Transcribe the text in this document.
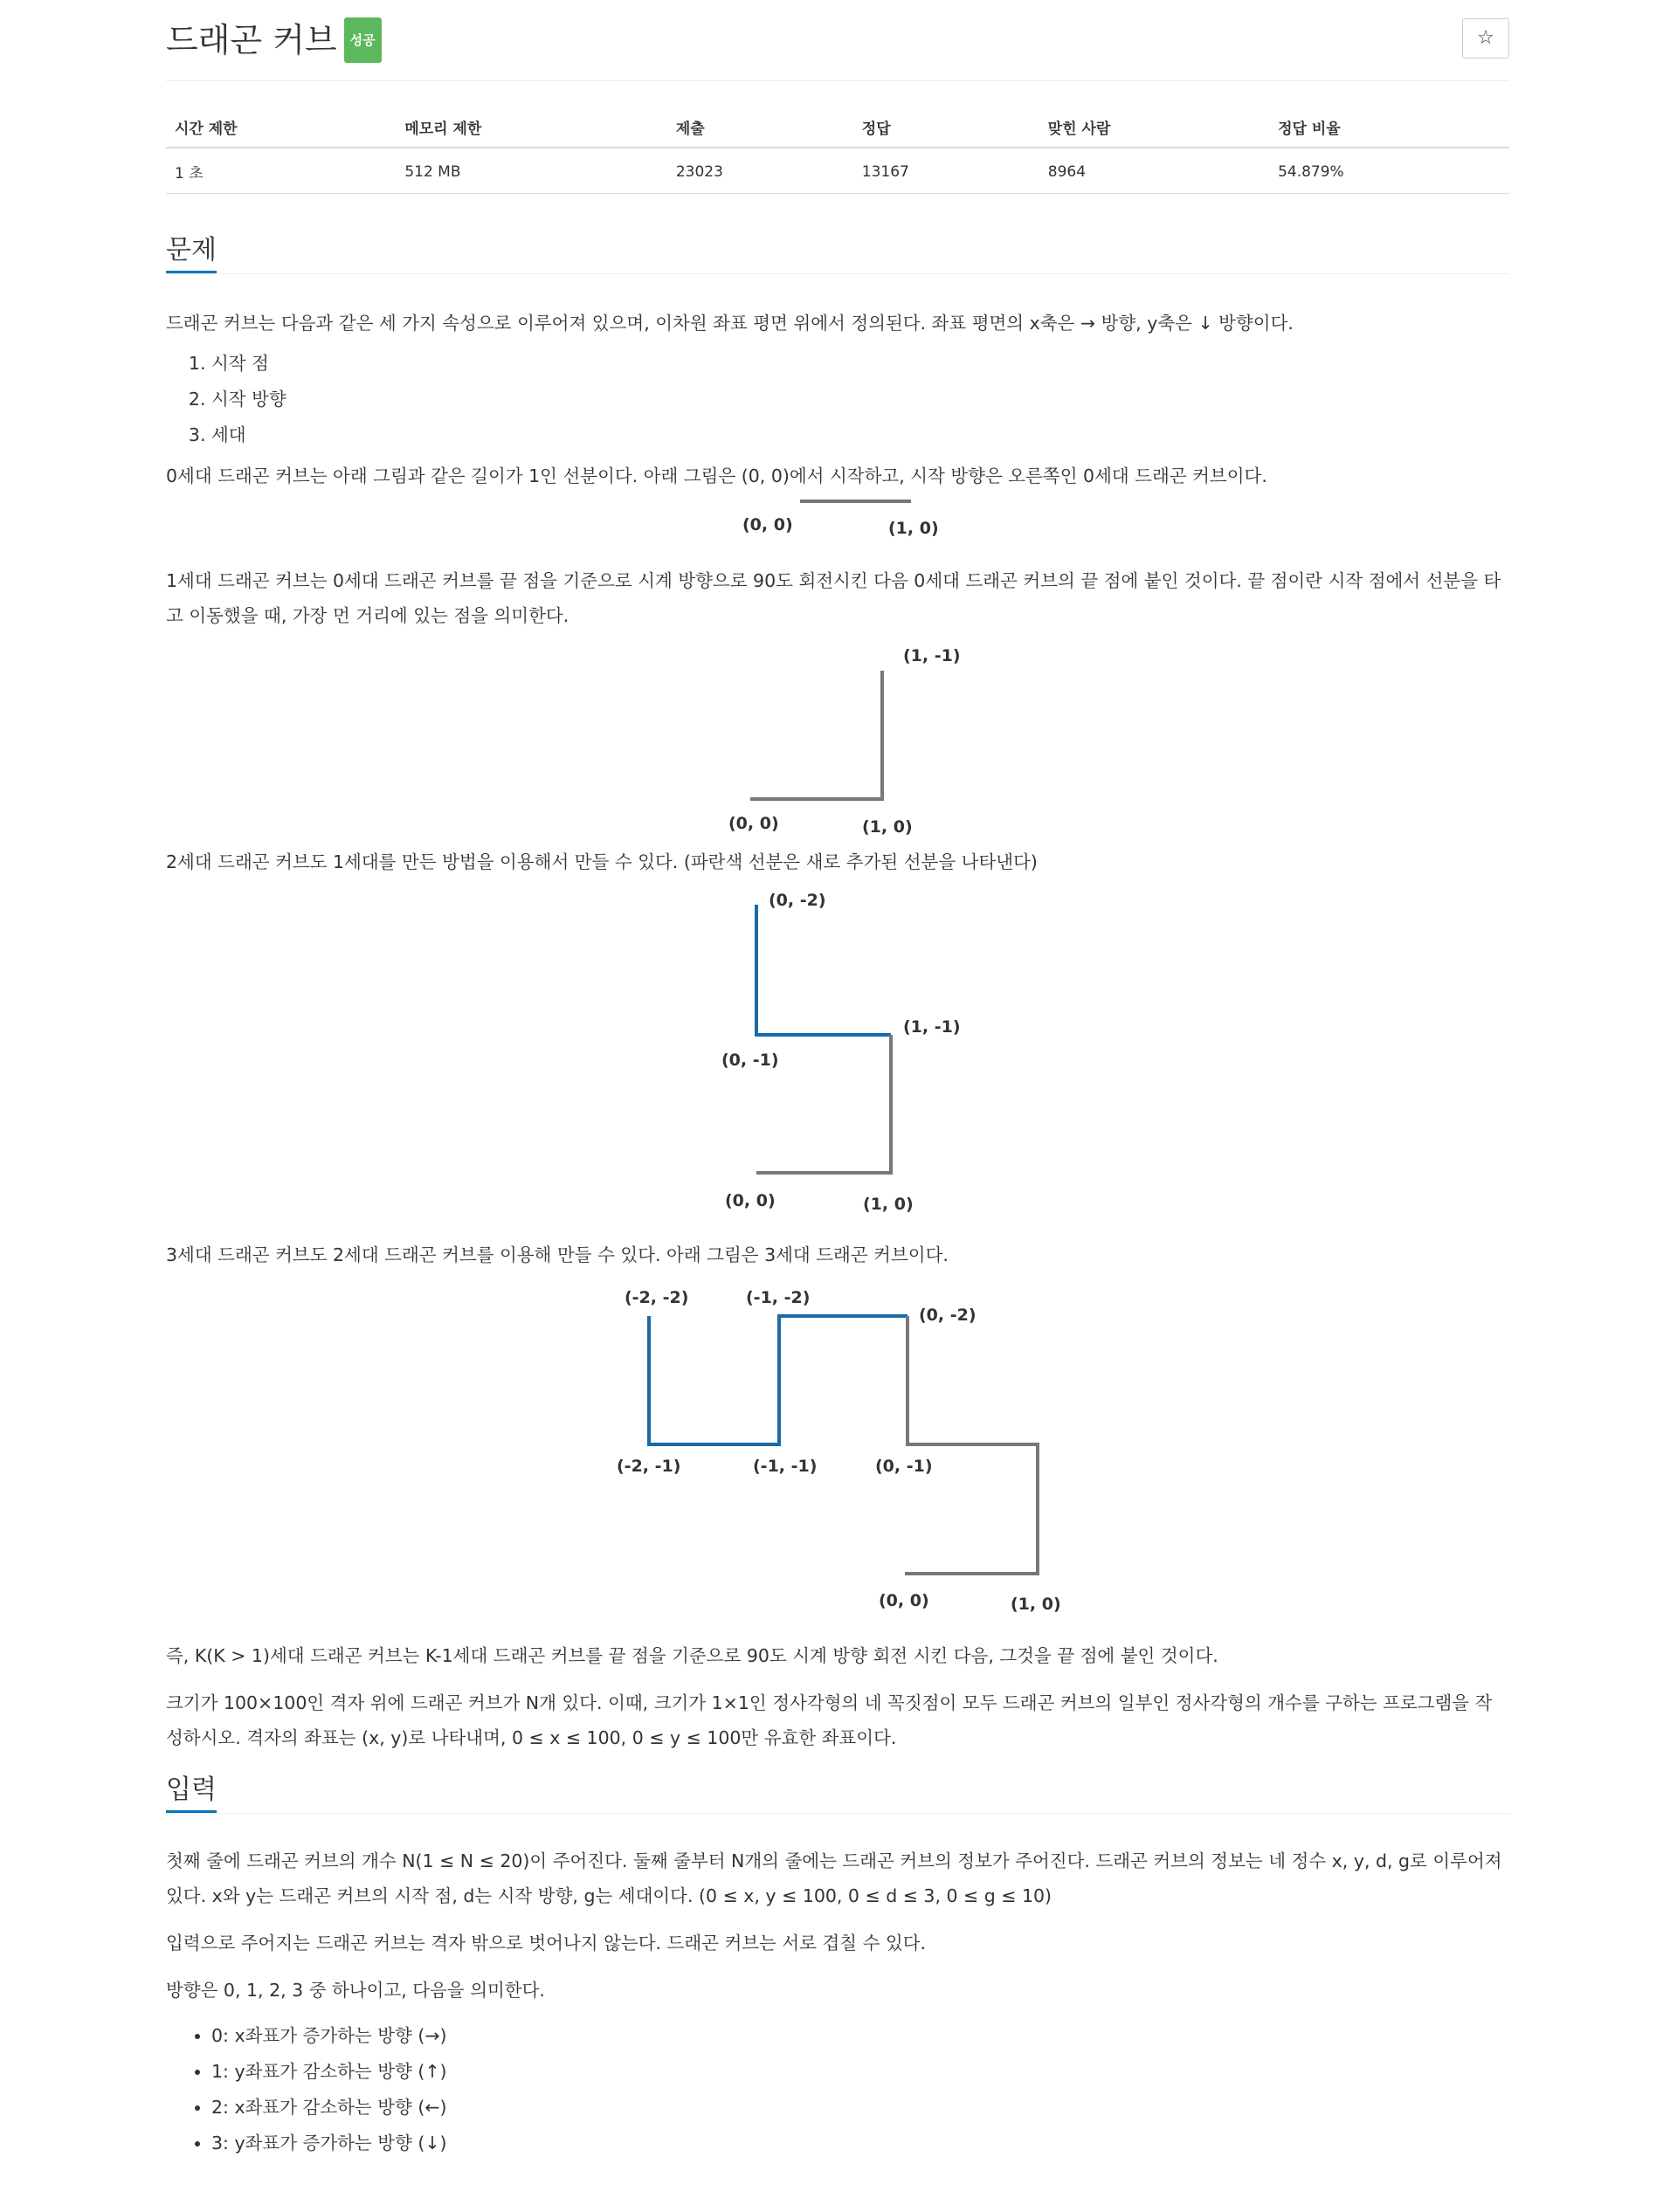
드래곤 커브 성공	☆
시간 제한	메모리 제한	제출	정답	맞힌 사람	정답 비율
1 초	512 MB	23023	13167	8964	54.879%
문제

드래곤 커브는 다음과 같은 세 가지 속성으로 이루어져 있으며, 이차원 좌표 평면 위에서 정의된다. 좌표 평면의 x축은 → 방향, y축은 ↓ 방향이다.

1. 시작 점
2. 시작 방향
3. 세대

0세대 드래곤 커브는 아래 그림과 같은 길이가 1인 선분이다. 아래 그림은 (0, 0)에서 시작하고, 시작 방향은 오른쪽인 0세대 드래곤 커브이다.

(0, 0)	(1, 0)

1세대 드래곤 커브는 0세대 드래곤 커브를 끝 점을 기준으로 시계 방향으로 90도 회전시킨 다음 0세대 드래곤 커브의 끝 점에 붙인 것이다. 끝 점이란 시작 점에서 선분을 타고 이동했을 때, 가장 먼 거리에 있는 점을 의미한다.

(1, -1)
(0, 0)	(1, 0)

2세대 드래곤 커브도 1세대를 만든 방법을 이용해서 만들 수 있다. (파란색 선분은 새로 추가된 선분을 나타낸다)

(0, -2)
(1, -1)
(0, -1)
(0, 0)	(1, 0)

3세대 드래곤 커브도 2세대 드래곤 커브를 이용해 만들 수 있다. 아래 그림은 3세대 드래곤 커브이다.

(-2, -2)	(-1, -2)
(0, -2)
(-2, -1)	(-1, -1)	(0, -1)
(0, 0)	(1, 0)

즉, K(K > 1)세대 드래곤 커브는 K-1세대 드래곤 커브를 끝 점을 기준으로 90도 시계 방향 회전 시킨 다음, 그것을 끝 점에 붙인 것이다.

크기가 100×100인 격자 위에 드래곤 커브가 N개 있다. 이때, 크기가 1×1인 정사각형의 네 꼭짓점이 모두 드래곤 커브의 일부인 정사각형의 개수를 구하는 프로그램을 작성하시오. 격자의 좌표는 (x, y)로 나타내며, 0 ≤ x ≤ 100, 0 ≤ y ≤ 100만 유효한 좌표이다.

입력

첫째 줄에 드래곤 커브의 개수 N(1 ≤ N ≤ 20)이 주어진다. 둘째 줄부터 N개의 줄에는 드래곤 커브의 정보가 주어진다. 드래곤 커브의 정보는 네 정수 x, y, d, g로 이루어져 있다. x와 y는 드래곤 커브의 시작 점, d는 시작 방향, g는 세대이다. (0 ≤ x, y ≤ 100, 0 ≤ d ≤ 3, 0 ≤ g ≤ 10)

입력으로 주어지는 드래곤 커브는 격자 밖으로 벗어나지 않는다. 드래곤 커브는 서로 겹칠 수 있다.

방향은 0, 1, 2, 3 중 하나이고, 다음을 의미한다.

• 0: x좌표가 증가하는 방향 (→)
• 1: y좌표가 감소하는 방향 (↑)
• 2: x좌표가 감소하는 방향 (←)
• 3: y좌표가 증가하는 방향 (↓)
